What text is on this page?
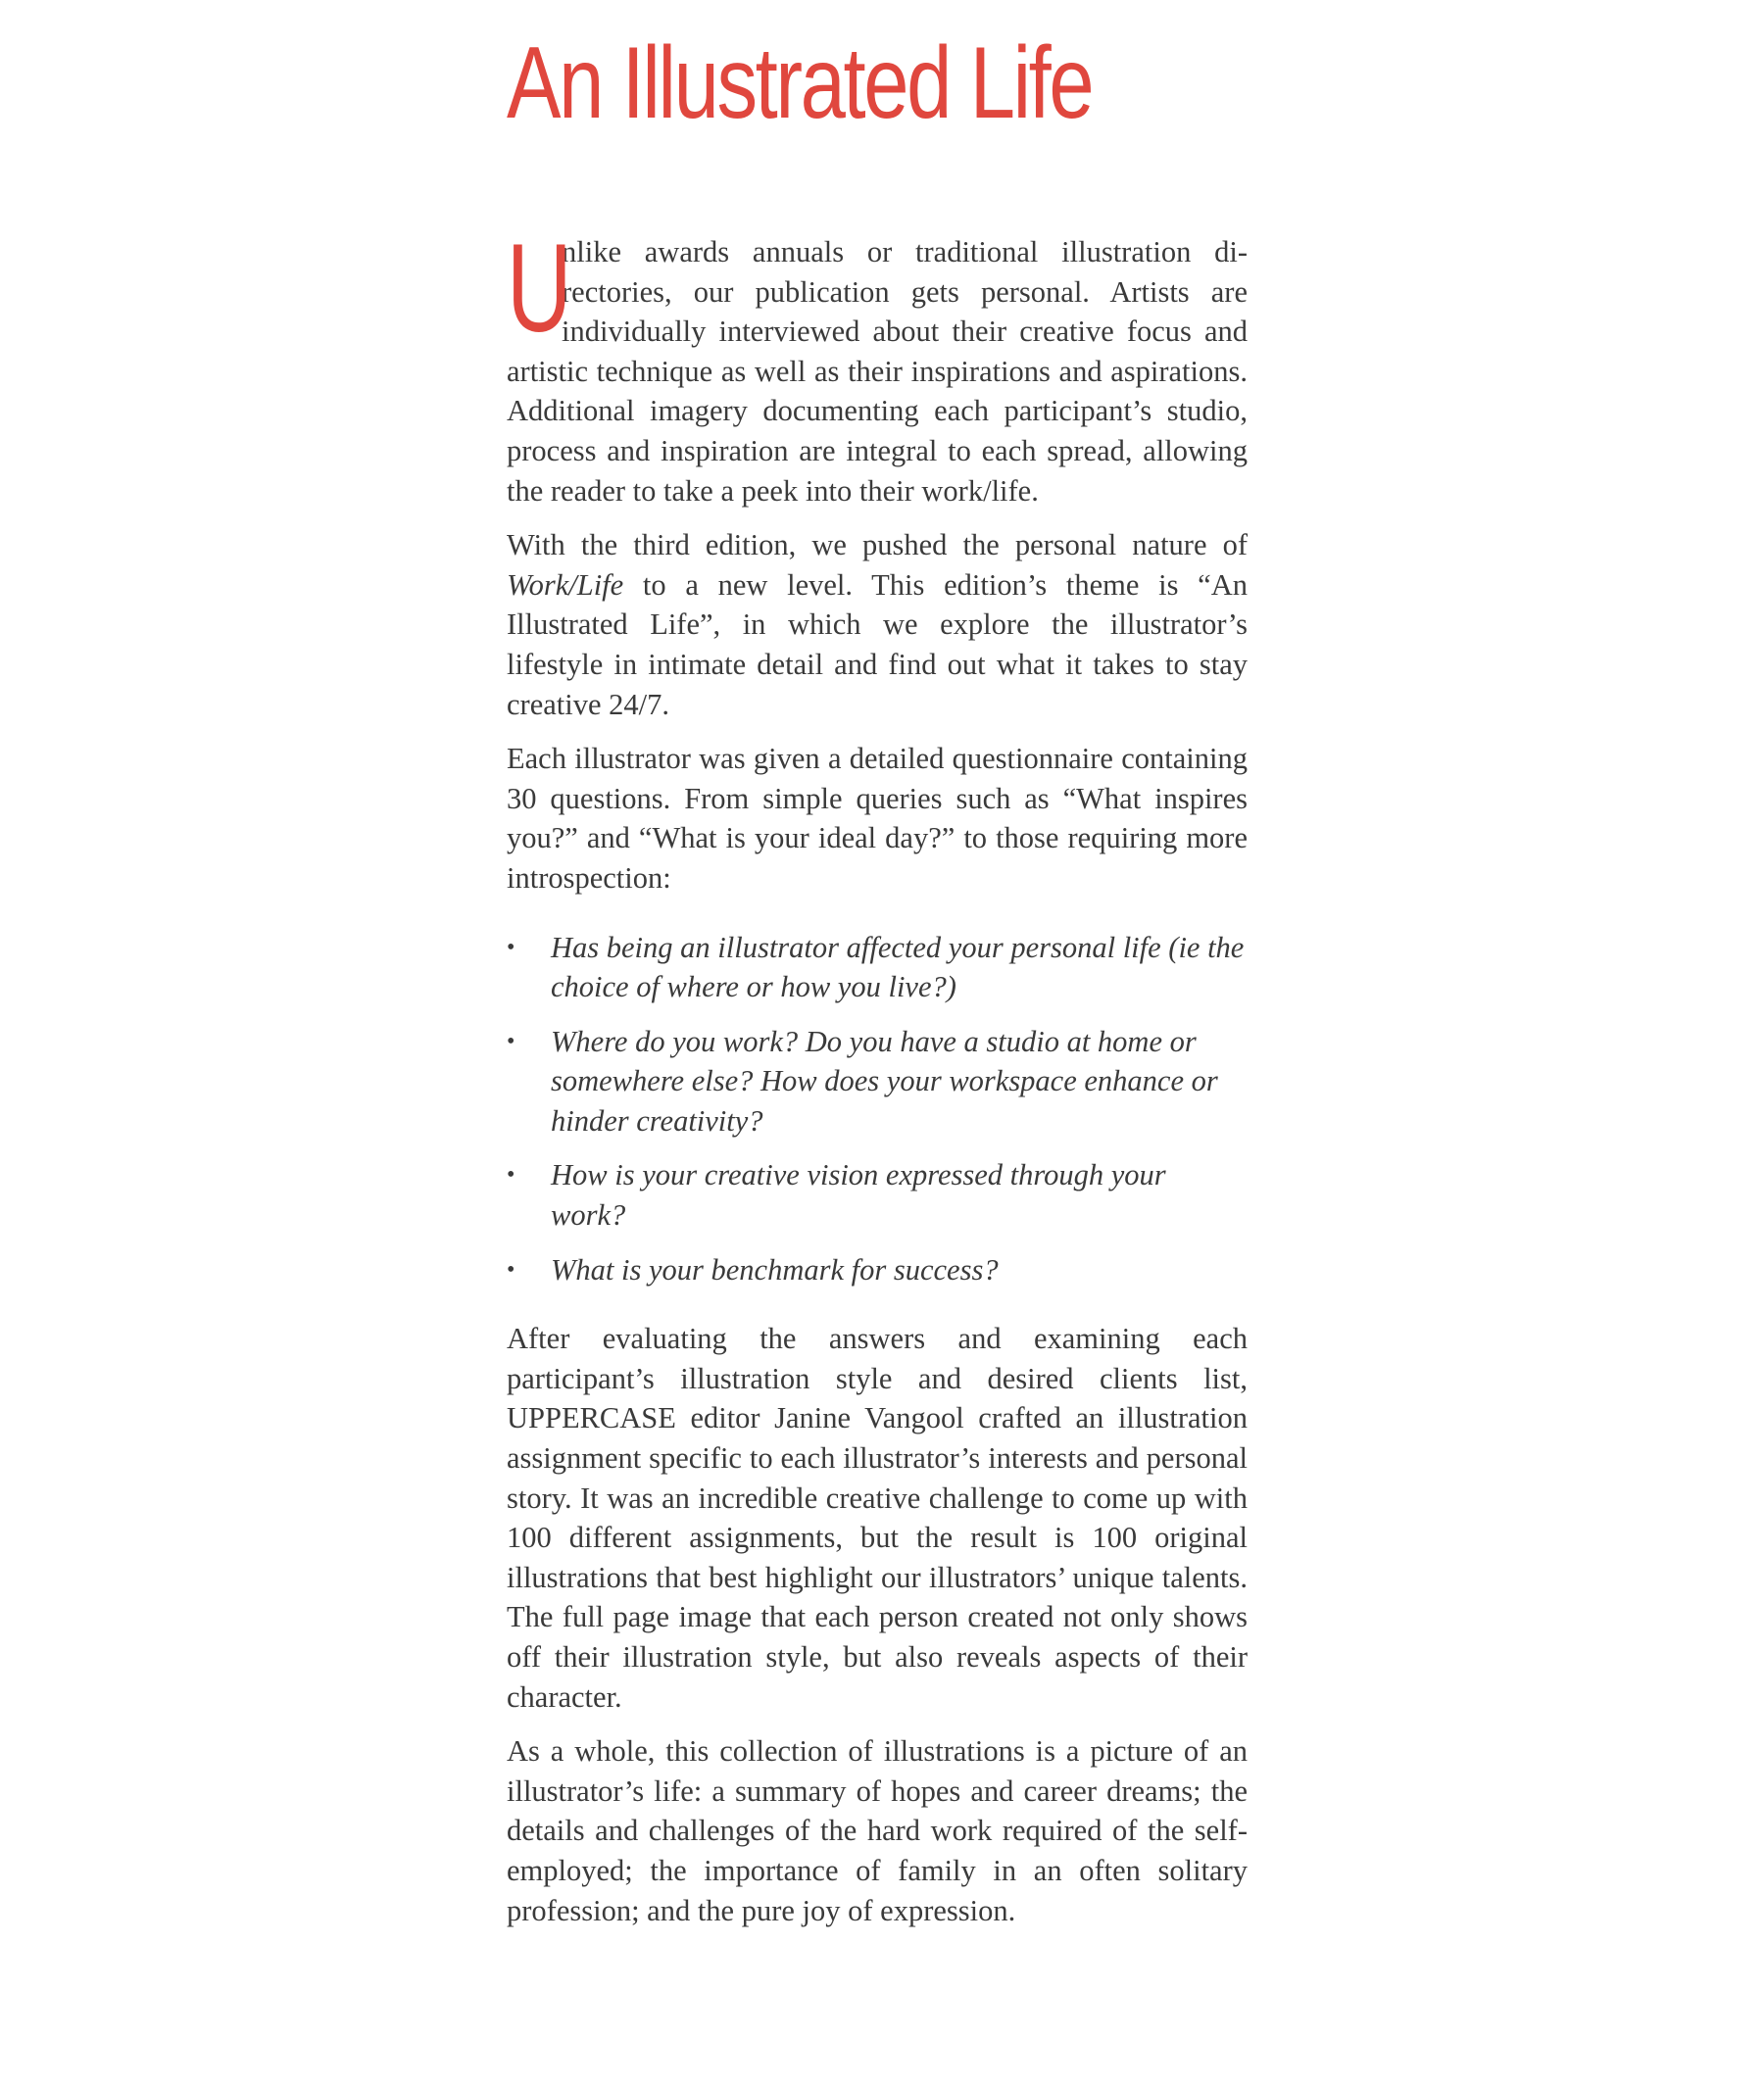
An Illustrated Life

U
nlike awards annuals or traditional illustration directories, our publication gets personal. Artists are individually interviewed about their creative focus and artistic technique as well as their inspirations and aspirations. Additional imagery documenting each participant’s studio, process and inspiration are integral to each spread, allowing the reader to take a peek into their work/life.

With the third edition, we pushed the personal nature of Work/Life to a new level. This edition’s theme is “An Illustrated Life”, in which we explore the illustrator’s lifestyle in intimate detail and find out what it takes to stay creative 24/7.

Each illustrator was given a detailed questionnaire containing 30 questions. From simple queries such as “What inspires you?” and “What is your ideal day?” to those requiring more introspection:

• Has being an illustrator affected your personal life (ie the choice of where or how you live?)
• Where do you work? Do you have a studio at home or somewhere else? How does your workspace enhance or hinder creativity?
• How is your creative vision expressed through your work?
• What is your benchmark for success?

After evaluating the answers and examining each participant’s illustration style and desired clients list, UPPERCASE editor Janine Vangool crafted an illustration assignment specific to each illustrator’s interests and personal story. It was an incredible creative challenge to come up with 100 different assignments, but the result is 100 original illustrations that best highlight our illustrators’ unique talents. The full page image that each person created not only shows off their illustration style, but also reveals aspects of their character.

As a whole, this collection of illustrations is a picture of an illustrator’s life: a summary of hopes and career dreams; the details and challenges of the hard work required of the self-employed; the importance of family in an often solitary profession; and the pure joy of expression.
